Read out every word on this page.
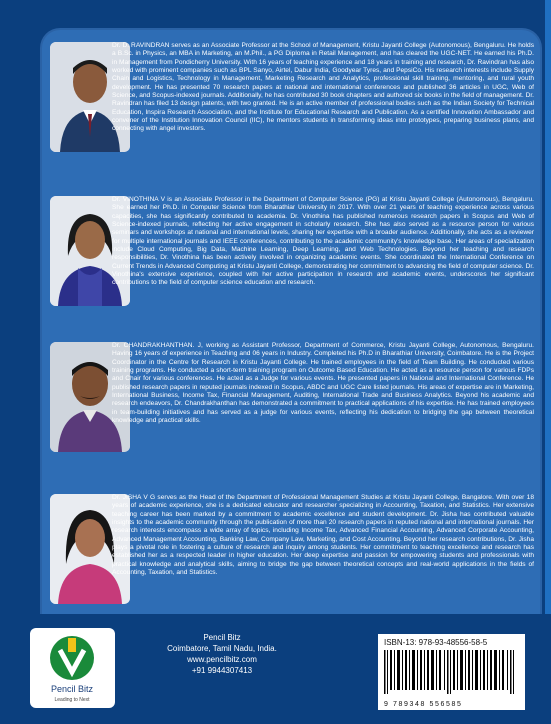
Dr. D. RAVINDRAN serves as an Associate Professor at the School of Management, Kristu Jayanti College (Autonomous), Bengaluru. He holds a B.Sc. in Physics, an MBA in Marketing, an M.Phil., a PG Diploma in Retail Management, and has cleared the UGC-NET. He earned his Ph.D. in Management from Pondicherry University. With 16 years of teaching experience and 18 years in training and research, Dr. Ravindran has also worked with prominent companies such as BPL Sanyo, Airtel, Dabur India, Goodyear Tyres, and PepsiCo. His research interests include Supply Chain and Logistics, Technology in Management, Marketing Research and Analytics, professional skill training, mentoring, and rural youth development. He has presented 70 research papers at national and international conferences and published 36 articles in UGC, Web of Science, and Scopus-indexed journals. Additionally, he has contributed 30 book chapters and authored six books in the field of management. Dr. Ravindran has filed 13 design patents, with two granted. He is an active member of professional bodies such as the Indian Society for Technical Education, Inspira Research Association, and the Institute for Educational Research and Publication. As a certified Innovation Ambassador and convener of the Institution Innovation Council (IIC), he mentors students in transforming ideas into prototypes, preparing business plans, and connecting with angel investors.

Dr. VINOTHINA V is an Associate Professor in the Department of Computer Science (PG) at Kristu Jayanti College (Autonomous), Bengaluru. She earned her Ph.D. in Computer Science from Bharathiar University in 2017. With over 21 years of teaching experience across various capacities, she has significantly contributed to academia. Dr. Vinothina has published numerous research papers in Scopus and Web of Science-indexed journals, reflecting her active engagement in scholarly research. She has also served as a resource person for various seminars and workshops at national and international levels, sharing her expertise with a broader audience. Additionally, she acts as a reviewer for multiple international journals and IEEE conferences, contributing to the academic community's knowledge base. Her areas of specialization include Cloud Computing, Big Data, Machine Learning, Deep Learning, and Web Technologies. Beyond her teaching and research responsibilities, Dr. Vinothina has been actively involved in organizing academic events. She coordinated the International Conference on Current Trends in Advanced Computing at Kristu Jayanti College, demonstrating her commitment to advancing the field of computer science. Dr. Vinothina's extensive experience, coupled with her active participation in research and academic events, underscores her significant contributions to the field of computer science education and research.

Dr. CHANDRAKHANTHAN. J, working as Assistant Professor, Department of Commerce, Kristu Jayanti College, Autonomous, Bengaluru. Having 16 years of experience in Teaching and 06 years in Industry. Completed his Ph.D in Bharathiar University, Coimbatore. He is the Project Coordinator in the Centre for Research in Kristu Jayanti College. He trained employees in the field of Team Building. He conducted various training programs. He conducted a short-term training program on Outcome Based Education. He acted as a resource person for various FDPs and Chair for various conferences. He acted as a Judge for various events. He presented papers in National and International Conference. He published research papers in reputed journals indexed in Scopus, ABDC and UGC Care listed journals. His areas of expertise are in Marketing, International Business, Income Tax, Financial Management, Auditing, International Trade and Business Analytics. Beyond his academic and research endeavors, Dr. Chandrakhanthan has demonstrated a commitment to practical applications of his expertise. He has trained employees in team-building initiatives and has served as a judge for various events, reflecting his dedication to bridging the gap between theoretical knowledge and practical skills.

Dr. JISHA V G serves as the Head of the Department of Professional Management Studies at Kristu Jayanti College, Bangalore. With over 18 years of academic experience, she is a dedicated educator and researcher specializing in Accounting, Taxation, and Statistics. Her extensive teaching career has been marked by a commitment to academic excellence and student development. Dr. Jisha has contributed valuable insights to the academic community through the publication of more than 20 research papers in reputed national and international journals. Her research interests encompass a wide array of topics, including Income Tax, Advanced Financial Accounting, Advanced Corporate Accounting, Advanced Management Accounting, Banking Law, Company Law, Marketing, and Cost Accounting. Beyond her research contributions, Dr. Jisha plays a pivotal role in fostering a culture of research and inquiry among students. Her commitment to teaching excellence and research has established her as a respected leader in higher education. Her deep expertise and passion for empowering students and professionals with practical knowledge and analytical skills, aiming to bridge the gap between theoretical concepts and real-world applications in the fields of Accounting, Taxation, and Statistics.

Pencil Bitz
Leading to Next
Pencil Bitz
Coimbatore, Tamil Nadu, India.
www.pencilbitz.com
+91 9944307413
ISBN-13: 978-93-48556-58-5
9 789348 556585
